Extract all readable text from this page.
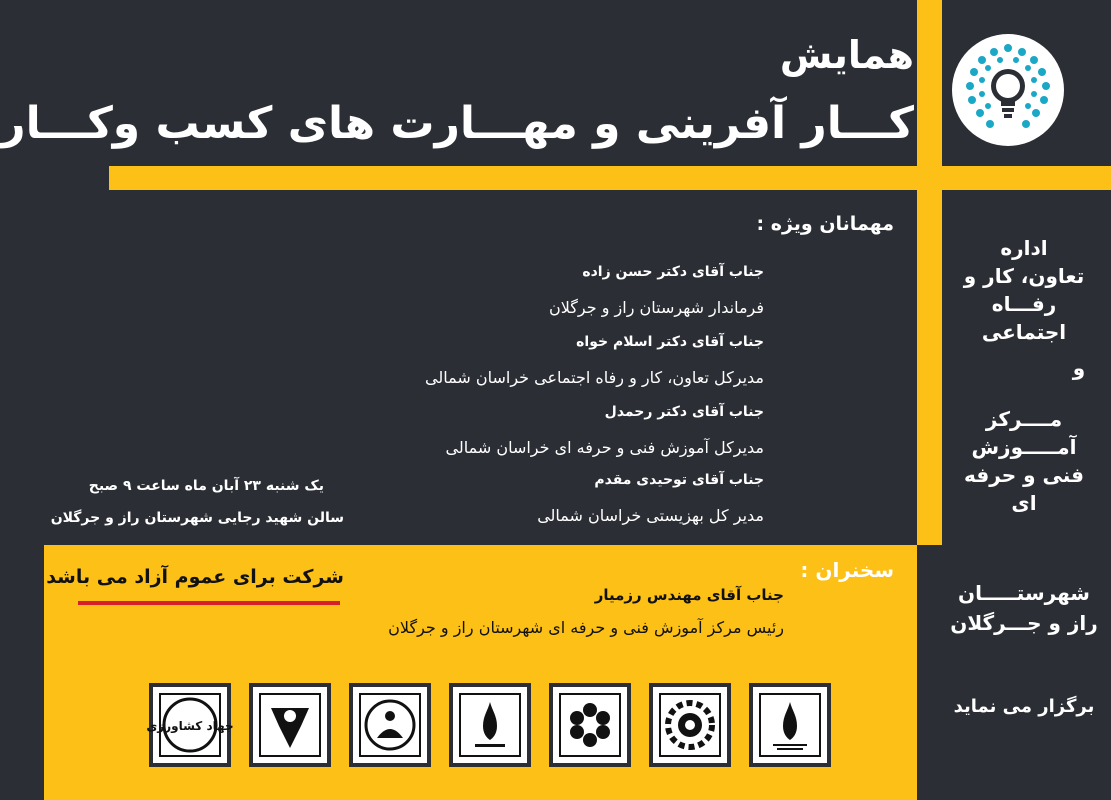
همایش
کـــار آفرینی و مهـــارت های کسب وکـــار
اداره
تعاون، کار و
رفـــاه اجتماعی
و
مــــرکز
آمـــــوزش
فنی و حرفه ای
شهرستـــــان
راز و جـــرگلان
برگزار می نماید
مهمانان ویژه :
جناب آقای دکتر حسن زاده
فرماندار شهرستان راز و جرگلان
جناب آقای دکتر اسلام خواه
مدیرکل تعاون، کار و رفاه اجتماعی خراسان شمالی
جناب آقای دکتر رحمدل
مدیرکل آموزش فنی و حرفه ای خراسان شمالی
جناب آقای توحیدی مقدم
مدیر کل بهزیستی خراسان شمالی
یک شنبه ۲۳ آبان ماه ساعت ۹ صبح
سالن شهید رجایی شهرستان راز و جرگلان
سخنران :
جناب آقای مهندس رزمیار
رئیس مرکز آموزش فنی و حرفه ای شهرستان راز و جرگلان
شرکت برای عموم آزاد می باشد
جهاد کشاورزی
